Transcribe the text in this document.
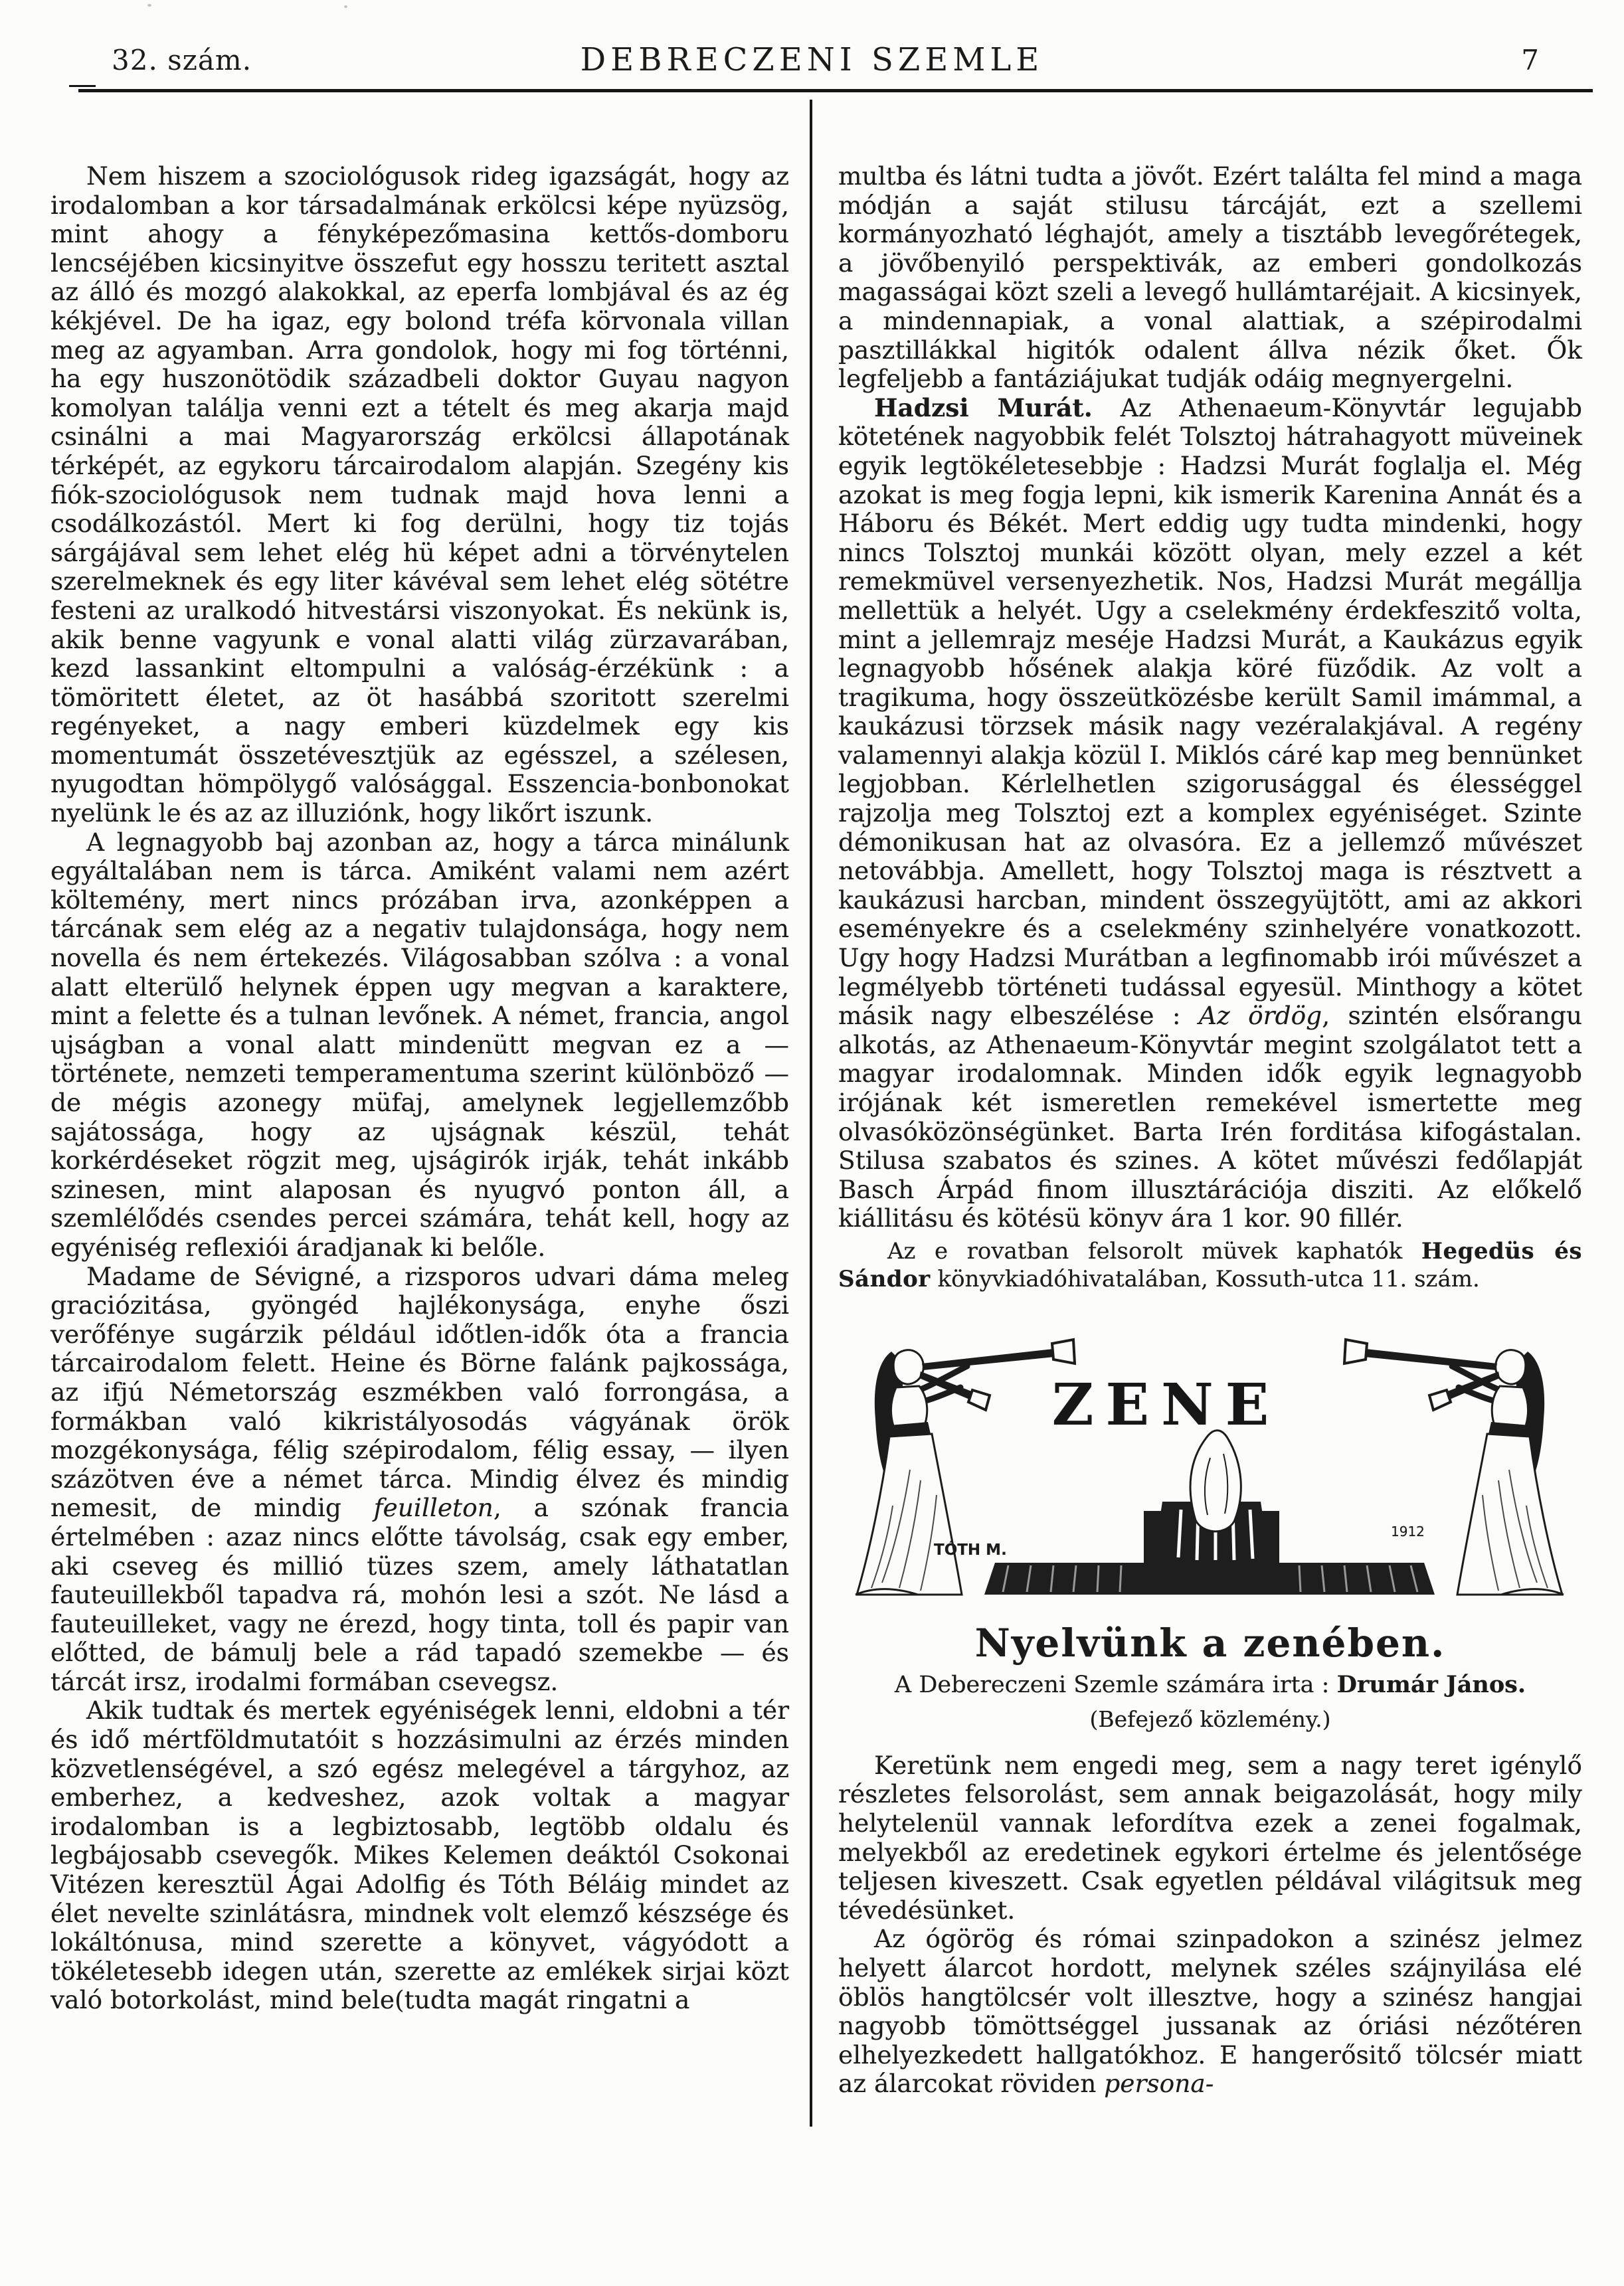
32. szám.	DEBRECZENI SZEMLE	7

Nem hiszem a szociológusok rideg igazságát, hogy az irodalomban a kor társadalmának erkölcsi képe nyüzsög, mint ahogy a fényképezőmasina kettős-domboru lencséjében kicsinyitve összefut egy hosszu teritett asztal az álló és mozgó alakokkal, az eperfa lombjával és az ég kékjével. De ha igaz, egy bolond tréfa körvonala villan meg az agyamban. Arra gondolok, hogy mi fog történni, ha egy huszonötödik századbeli doktor Guyau nagyon komolyan találja venni ezt a tételt és meg akarja majd csinálni a mai Magyarország erkölcsi állapotának térképét, az egykoru tárcairodalom alapján. Szegény kis fiók-szociológusok nem tudnak majd hova lenni a csodálkozástól. Mert ki fog derülni, hogy tiz tojás sárgájával sem lehet elég hü képet adni a törvénytelen szerelmeknek és egy liter kávéval sem lehet elég sötétre festeni az uralkodó hitvestársi viszonyokat. És nekünk is, akik benne vagyunk e vonal alatti világ zürzavarában, kezd lassankint eltompulni a valóság-érzékünk : a tömöritett életet, az öt hasábbá szoritott szerelmi regényeket, a nagy emberi küzdelmek egy kis momentumát összetévesztjük az egésszel, a szélesen, nyugodtan hömpölygő valósággal. Esszencia-bonbonokat nyelünk le és az az illuziónk, hogy likőrt iszunk.

A legnagyobb baj azonban az, hogy a tárca minálunk egyáltalában nem is tárca. Amiként valami nem azért költemény, mert nincs prózában irva, azonképpen a tárcának sem elég az a negativ tulajdonsága, hogy nem novella és nem értekezés. Világosabban szólva : a vonal alatt elterülő helynek éppen ugy megvan a karaktere, mint a felette és a tulnan levőnek. A német, francia, angol ujságban a vonal alatt mindenütt megvan ez a — története, nemzeti temperamentuma szerint különböző — de mégis azonegy müfaj, amelynek legjellemzőbb sajátossága, hogy az ujságnak készül, tehát korkérdéseket rögzit meg, ujságirók irják, tehát inkább szinesen, mint alaposan és nyugvó ponton áll, a szemlélődés csendes percei számára, tehát kell, hogy az egyéniség reflexiói áradjanak ki belőle.

Madame de Sévigné, a rizsporos udvari dáma meleg graciózitása, gyöngéd hajlékonysága, enyhe őszi verőfénye sugárzik például időtlen-idők óta a francia tárcairodalom felett. Heine és Börne falánk pajkossága, az ifjú Németország eszmékben való forrongása, a formákban való kikristályosodás vágyának örök mozgékonysága, félig szépirodalom, félig essay, — ilyen százötven éve a német tárca. Mindig élvez és mindig nemesit, de mindig feuilleton, a szónak francia értelmében : azaz nincs előtte távolság, csak egy ember, aki cseveg és millió tüzes szem, amely láthatatlan fauteuillekből tapadva rá, mohón lesi a szót. Ne lásd a fauteuilleket, vagy ne érezd, hogy tinta, toll és papir van előtted, de bámulj bele a rád tapadó szemekbe — és tárcát irsz, irodalmi formában csevegsz.

Akik tudtak és mertek egyéniségek lenni, eldobni a tér és idő mértföldmutatóit s hozzásimulni az érzés minden közvetlenségével, a szó egész melegével a tárgyhoz, az emberhez, a kedveshez, azok voltak a magyar irodalomban is a legbiztosabb, legtöbb oldalu és legbájosabb csevegők. Mikes Kelemen deáktól Csokonai Vitézen keresztül Ágai Adolfig és Tóth Béláig mindet az élet nevelte szinlátásra, mindnek volt elemző készsége és lokáltónusa, mind szerette a könyvet, vágyódott a tökéletesebb idegen után, szerette az emlékek sirjai közt való botorkolást, mind bele(tudta magát ringatni a

multba és látni tudta a jövőt. Ezért találta fel mind a maga módján a saját stilusu tárcáját, ezt a szellemi kormányozható léghajót, amely a tisztább levegőrétegek, a jövőbenyiló perspektivák, az emberi gondolkozás magasságai közt szeli a levegő hullámtaréjait. A kicsinyek, a mindennapiak, a vonal alattiak, a szépirodalmi pasztillákkal higitók odalent állva nézik őket. Ők legfeljebb a fantáziájukat tudják odáig megnyergelni.

Hadzsi Murát. Az Athenaeum-Könyvtár legujabb kötetének nagyobbik felét Tolsztoj hátrahagyott müveinek egyik legtökéletesebbje : Hadzsi Murát foglalja el. Még azokat is meg fogja lepni, kik ismerik Karenina Annát és a Háboru és Békét. Mert eddig ugy tudta mindenki, hogy nincs Tolsztoj munkái között olyan, mely ezzel a két remekmüvel versenyezhetik. Nos, Hadzsi Murát megállja mellettük a helyét. Ugy a cselekmény érdekfeszitő volta, mint a jellemrajz meséje Hadzsi Murát, a Kaukázus egyik legnagyobb hősének alakja köré füződik. Az volt a tragikuma, hogy összeütközésbe került Samil imámmal, a kaukázusi törzsek másik nagy vezéralakjával. A regény valamennyi alakja közül I. Miklós cáré kap meg bennünket legjobban. Kérlelhetlen szigorusággal és élességgel rajzolja meg Tolsztoj ezt a komplex egyéniséget. Szinte démonikusan hat az olvasóra. Ez a jellemző művészet netovábbja. Amellett, hogy Tolsztoj maga is résztvett a kaukázusi harcban, mindent összegyüjtött, ami az akkori eseményekre és a cselekmény szinhelyére vonatkozott. Ugy hogy Hadzsi Murátban a legfinomabb irói művészet a legmélyebb történeti tudással egyesül. Minthogy a kötet másik nagy elbeszélése : Az ördög, szintén elsőrangu alkotás, az Athenaeum-Könyvtár megint szolgálatot tett a magyar irodalomnak. Minden idők egyik legnagyobb irójának két ismeretlen remekével ismertette meg olvasóközönségünket. Barta Irén forditása kifogástalan. Stilusa szabatos és szines. A kötet művészi fedőlapját Basch Árpád finom illusztárációja disziti. Az előkelő kiállitásu és kötésü könyv ára 1 kor. 90 fillér.

Az e rovatban felsorolt müvek kaphatók Hegedüs és Sándor könyvkiadóhivatalában, Kossuth-utca 11. szám.

ZENE
TÓTH M.
1912

Nyelvünk a zenében.

A Debereczeni Szemle számára irta : Drumár János.

(Befejező közlemény.)

Keretünk nem engedi meg, sem a nagy teret igénylő részletes felsorolást, sem annak beigazolását, hogy mily helytelenül vannak lefordítva ezek a zenei fogalmak, melyekből az eredetinek egykori értelme és jelentősége teljesen kiveszett. Csak egyetlen példával világitsuk meg tévedésünket.

Az ógörög és római szinpadokon a szinész jelmez helyett álarcot hordott, melynek széles szájnyilása elé öblös hangtölcsér volt illesztve, hogy a szinész hangjai nagyobb tömöttséggel jussanak az óriási nézőtéren elhelyezkedett hallgatókhoz. E hangerősitő tölcsér miatt az álarcokat röviden persona-
